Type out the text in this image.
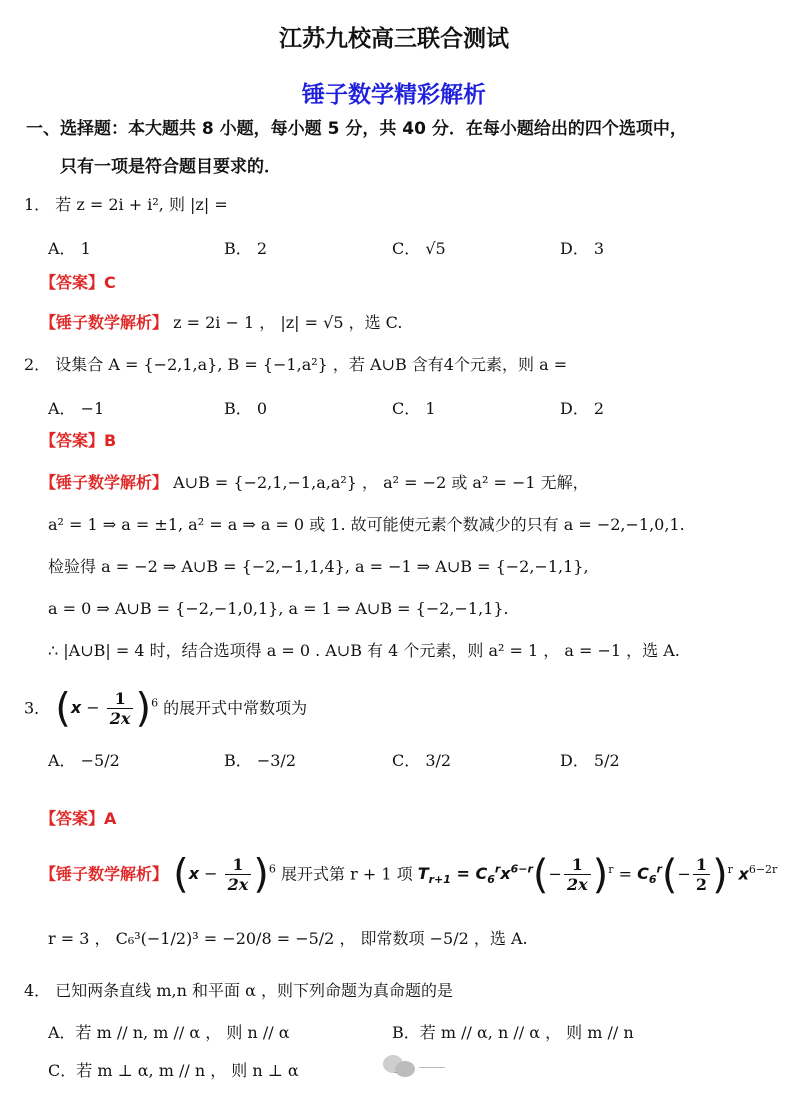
江苏九校高三联合测试
锤子数学精彩解析
一、选择题：本大题共 8 小题，每小题 5 分，共 40 分．在每小题给出的四个选项中，
只有一项是符合题目要求的．
1． 若 z = 2i + i², 则 |z| =
A． 1	B． 2	C． √5	D． 3
【答案】C
【锤子数学解析】 z = 2i − 1 ， |z| = √5 ，选 C.
2． 设集合 A = {−2,1,a}, B = {−1,a²} ，若 A∪B 含有4个元素，则 a =
A． −1	B． 0	C． 1	D． 2
【答案】B
【锤子数学解析】 A∪B = {−2,1,−1,a,a²} ， a² = −2 或 a² = −1 无解，
a² = 1 ⇒ a = ±1, a² = a ⇒ a = 0 或 1. 故可能使元素个数减少的只有 a = −2,−1,0,1.
检验得 a = −2 ⇒ A∪B = {−2,−1,1,4}, a = −1 ⇒ A∪B = {−2,−1,1},
a = 0 ⇒ A∪B = {−2,−1,0,1}, a = 1 ⇒ A∪B = {−2,−1,1}.
∴ |A∪B| = 4 时，结合选项得 a = 0 . A∪B 有 4 个元素，则 a² = 1 ， a = −1 ，选 A.
3． $(x - \frac{1}{2x} )^6$ 的展开式中常数项为
A． −5/2	B． −3/2	C． 3/2	D． 5/2
【答案】A
【锤子数学解析】 $(x - \frac{1}{2x} )^6$ 展开式第 r + 1 项 $T_{r+1} = C_6^rx^{6-r}(- \frac{1}{2x} )^r = C_6^r(- \frac{1}{2} )^r$ $x^{6-2r}$
r = 3 ， C₆³(−1/2)³ = −20/8 = −5/2 ， 即常数项 −5/2 ，选 A.
4． 已知两条直线 m,n 和平面 α ，则下列命题为真命题的是
A．若 m // n, m // α ， 则 n // α	B．若 m // α, n // α ， 则 m // n
C．若 m ⊥ α, m // n ， 则 n ⊥ α
